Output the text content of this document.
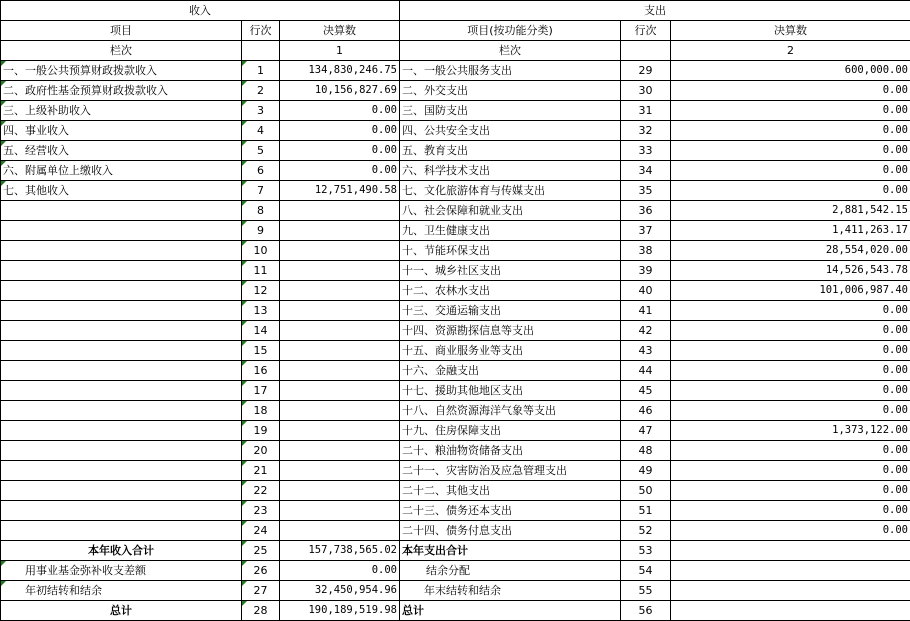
收入			支出		
项目	行次	决算数	项目(按功能分类)	行次	决算数
栏次		1	栏次		2
一、一般公共预算财政拨款收入	1	134,830,246.75	一、一般公共服务支出	29	600,000.00
二、政府性基金预算财政拨款收入	2	10,156,827.69	二、外交支出	30	0.00
三、上级补助收入	3	0.00	三、国防支出	31	0.00
四、事业收入	4	0.00	四、公共安全支出	32	0.00
五、经营收入	5	0.00	五、教育支出	33	0.00
六、附属单位上缴收入	6	0.00	六、科学技术支出	34	0.00
七、其他收入	7	12,751,490.58	七、文化旅游体育与传媒支出	35	0.00
	8		八、社会保障和就业支出	36	2,881,542.15
	9		九、卫生健康支出	37	1,411,263.17
	10		十、节能环保支出	38	28,554,020.00
	11		十一、城乡社区支出	39	14,526,543.78
	12		十二、农林水支出	40	101,006,987.40
	13		十三、交通运输支出	41	0.00
	14		十四、资源勘探信息等支出	42	0.00
	15		十五、商业服务业等支出	43	0.00
	16		十六、金融支出	44	0.00
	17		十七、援助其他地区支出	45	0.00
	18		十八、自然资源海洋气象等支出	46	0.00
	19		十九、住房保障支出	47	1,373,122.00
	20		二十、粮油物资储备支出	48	0.00
	21		二十一、灾害防治及应急管理支出	49	0.00
	22		二十二、其他支出	50	0.00
	23		二十三、债务还本支出	51	0.00
	24		二十四、债务付息支出	52	0.00
本年收入合计	25	157,738,565.02	本年支出合计	53	
用事业基金弥补收支差额	26	0.00	结余分配	54	
年初结转和结余	27	32,450,954.96	年末结转和结余	55	
总计	28	190,189,519.98	总计	56	
